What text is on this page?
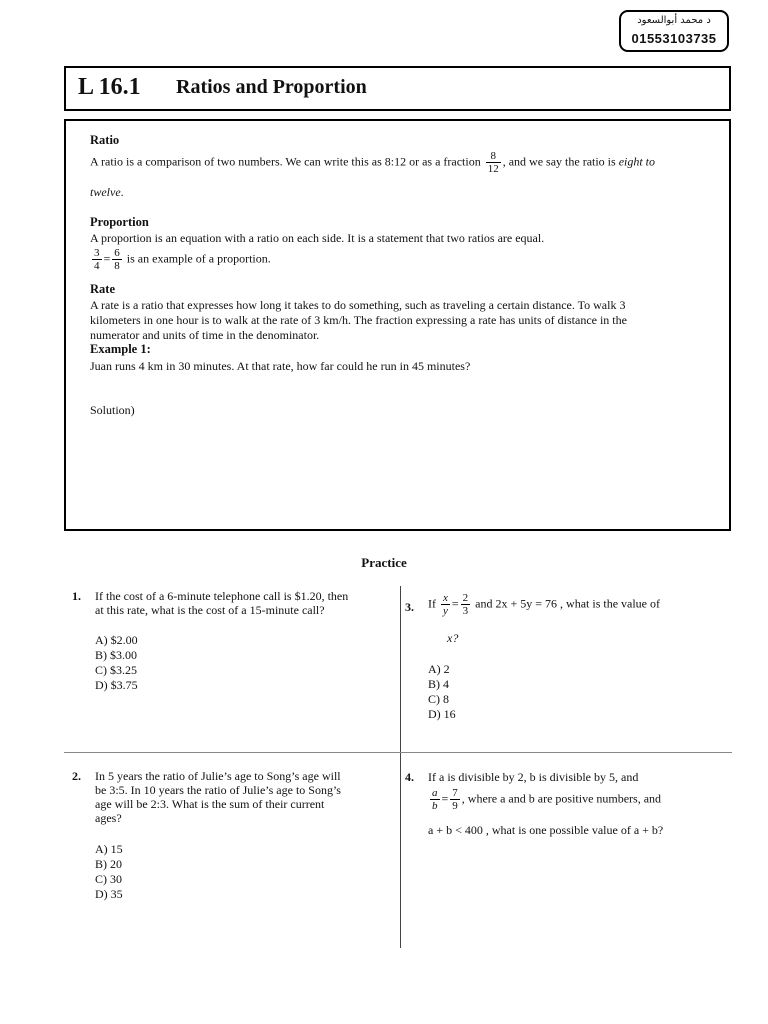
د محمد أبوالسعود
01553103735
L 16.1 Ratios and Proportion
Ratio
A ratio is a comparison of two numbers. We can write this as 8:12 or as a fraction $\frac{8}{12}$ , and we say the ratio is eight to
twelve.
Proportion
A proportion is an equation with a ratio on each side. It is a statement that two ratios are equal.
$\frac{3}{4} = \frac{6}{8}$ is an example of a proportion.
Rate
A rate is a ratio that expresses how long it takes to do something, such as traveling a certain distance. To walk 3
kilometers in one hour is to walk at the rate of 3 km/h. The fraction expressing a rate has units of distance in the
numerator and units of time in the denominator.
Example 1:
Juan runs 4 km in 30 minutes. At that rate, how far could he run in 45 minutes?
Solution)
Practice
1. If the cost of a 6-minute telephone call is $1.20, then
at this rate, what is the cost of a 15-minute call?
A) $2.00
B) $3.00
C) $3.25
D) $3.75
3. If $\frac{x}{y} = \frac{2}{3}$ and 2x + 5y = 76 , what is the value of
x?
A) 2
B) 4
C) 8
D) 16
2. In 5 years the ratio of Julie’s age to Song’s age will
be 3:5. In 10 years the ratio of Julie’s age to Song’s
age will be 2:3. What is the sum of their current
ages?
A) 15
B) 20
C) 30
D) 35
4. If a is divisible by 2, b is divisible by 5, and
$\frac{a}{b} = \frac{7}{9}$ , where a and b are positive numbers, and
a + b < 400 , what is one possible value of a + b?
